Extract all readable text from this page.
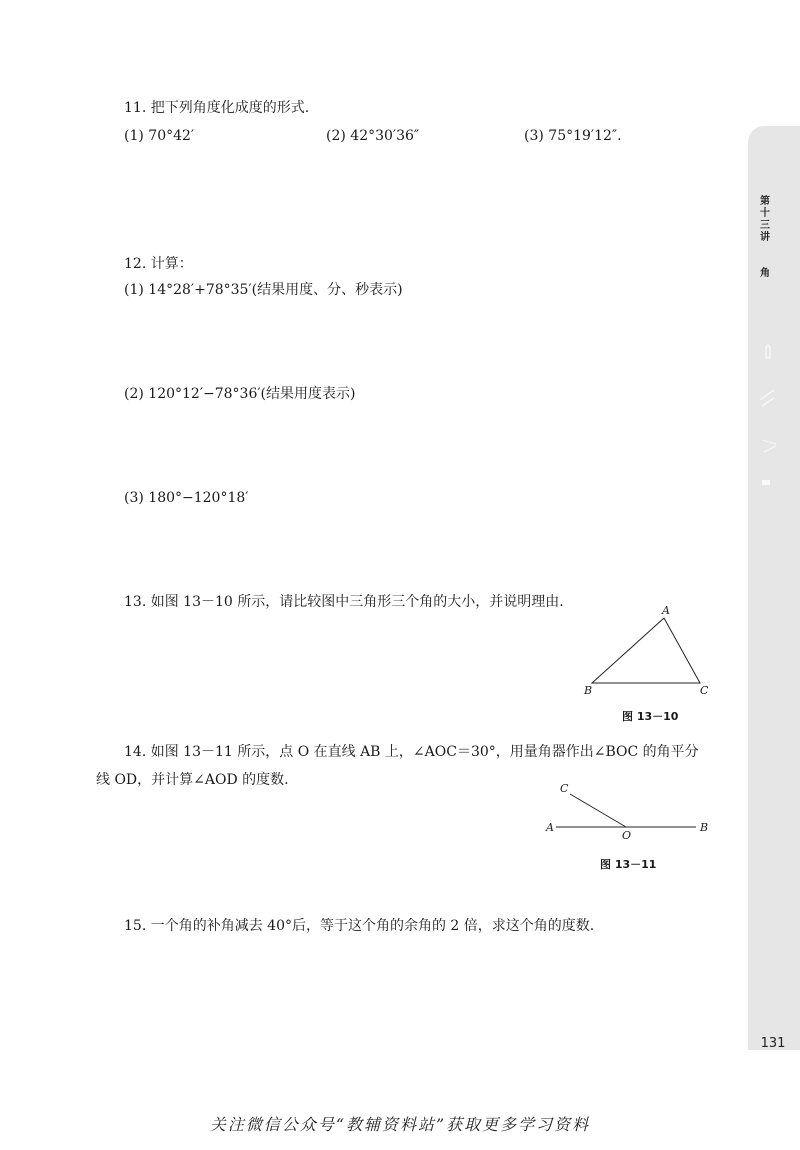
第十三讲
角
11. 把下列角度化成度的形式.
(1) 70°42′	(2) 42°30′36″	(3) 75°19′12″.
12. 计算：
(1) 14°28′+78°35′(结果用度、分、秒表示)
(2) 120°12′−78°36′(结果用度表示)
(3) 180°−120°18′
13. 如图 13－10 所示，请比较图中三角形三个角的大小，并说明理由.
A
B	C
图 13－10
14. 如图 13－11 所示，点 O 在直线 AB 上，∠AOC＝30°，用量角器作出∠BOC 的角平分
线 OD，并计算∠AOD 的度数.
C
A
O
B
图 13－11
15. 一个角的补角减去 40°后，等于这个角的余角的 2 倍，求这个角的度数.
131
关注微信公众号“教辅资料站”获取更多学习资料
